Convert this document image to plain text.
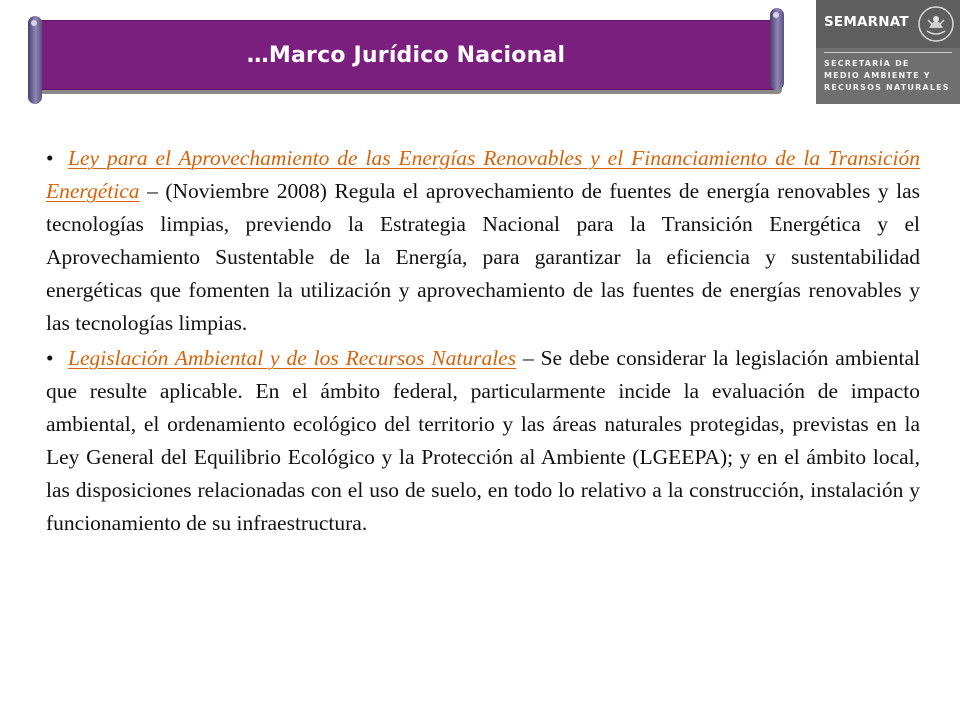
…Marco Jurídico Nacional
SEMARNAT
SECRETARÍA DE
MEDIO AMBIENTE Y
RECURSOS NATURALES

• Ley para el Aprovechamiento de las Energías Renovables y el Financiamiento de la Transición Energética – (Noviembre 2008) Regula el aprovechamiento de fuentes de energía renovables y las tecnologías limpias, previendo la Estrategia Nacional para la Transición Energética y el Aprovechamiento Sustentable de la Energía, para garantizar la eficiencia y sustentabilidad energéticas que fomenten la utilización y aprovechamiento de las fuentes de energías renovables y las tecnologías limpias.

• Legislación Ambiental y de los Recursos Naturales – Se debe considerar la legislación ambiental que resulte aplicable. En el ámbito federal, particularmente incide la evaluación de impacto ambiental, el ordenamiento ecológico del territorio y las áreas naturales protegidas, previstas en la Ley General del Equilibrio Ecológico y la Protección al Ambiente (LGEEPA); y en el ámbito local, las disposiciones relacionadas con el uso de suelo, en todo lo relativo a la construcción, instalación y funcionamiento de su infraestructura.
